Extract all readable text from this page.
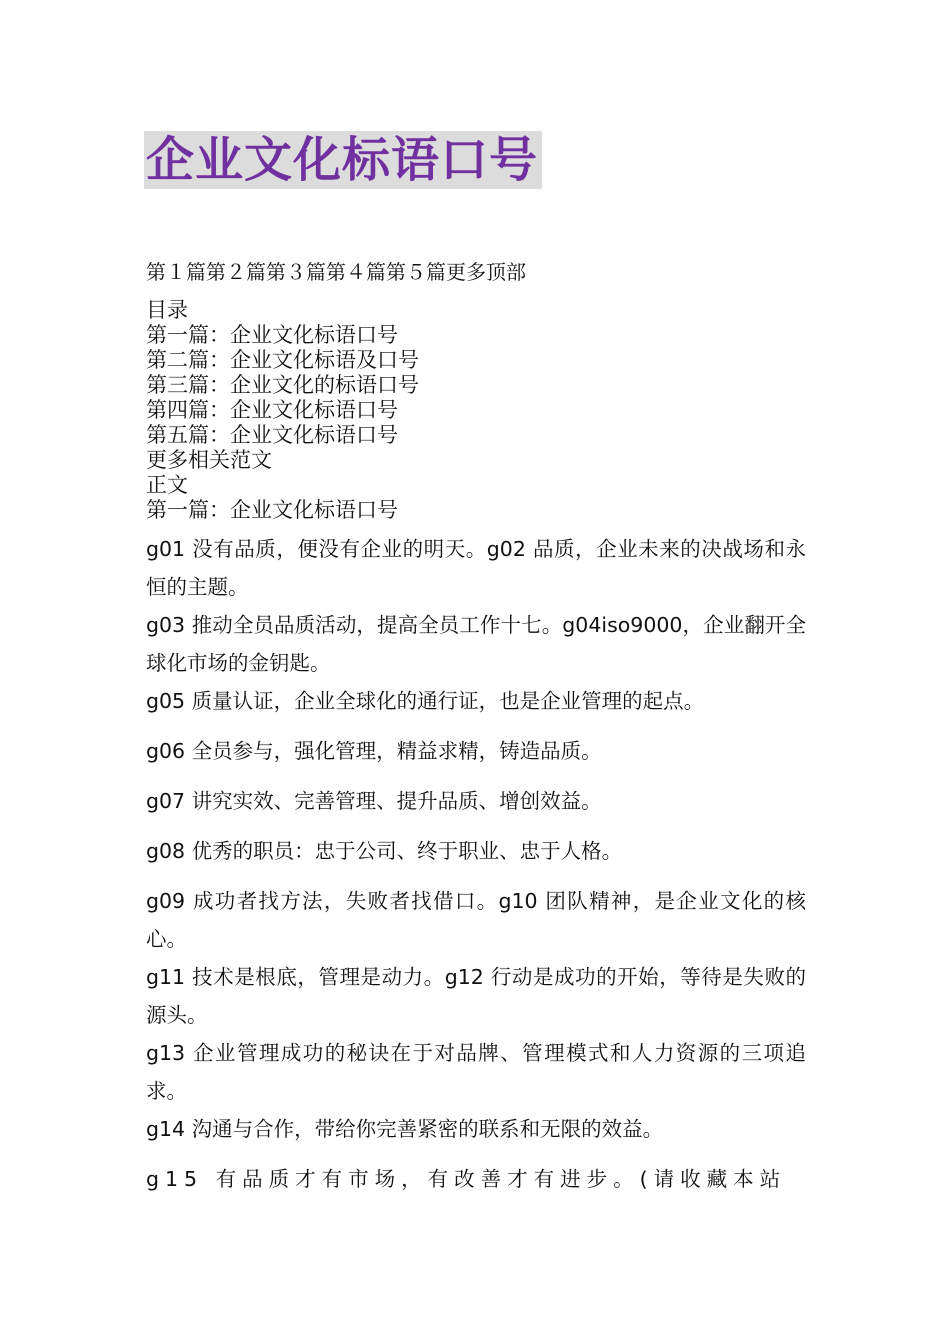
企业文化标语口号
第１篇第２篇第３篇第４篇第５篇更多顶部
目录
第一篇：企业文化标语口号
第二篇：企业文化标语及口号
第三篇：企业文化的标语口号
第四篇：企业文化标语口号
第五篇：企业文化标语口号
更多相关范文
正文
第一篇：企业文化标语口号

g01 没有品质，便没有企业的明天。g02 品质，企业未来的决战场和永恒的主题。

g03 推动全员品质活动，提高全员工作十七。g04iso9000，企业翻开全球化市场的金钥匙。

g05 质量认证，企业全球化的通行证，也是企业管理的起点。

g06 全员参与，强化管理，精益求精，铸造品质。

g07 讲究实效、完善管理、提升品质、增创效益。

g08 优秀的职员：忠于公司、终于职业、忠于人格。

g09 成功者找方法，失败者找借口。g10 团队精神，是企业文化的核心。

g11 技术是根底，管理是动力。g12 行动是成功的开始，等待是失败的源头。

g13 企业管理成功的秘诀在于对品牌、管理模式和人力资源的三项追求。

g14 沟通与合作，带给你完善紧密的联系和无限的效益。

g15 有品质才有市场，有改善才有进步。(请收藏本站
